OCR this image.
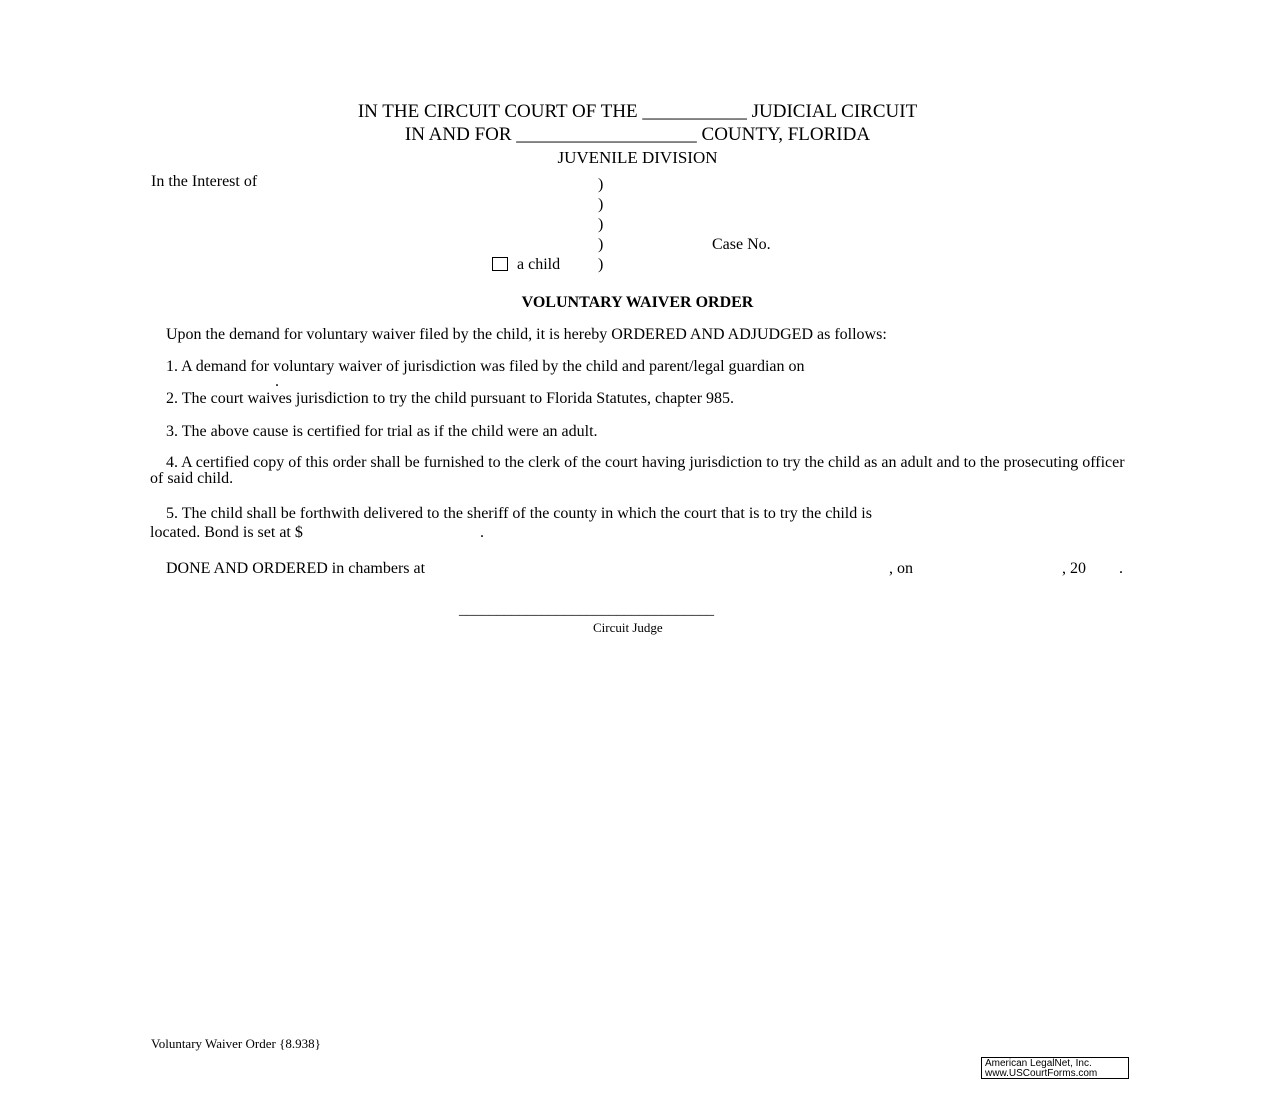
IN THE CIRCUIT COURT OF THE ___________ JUDICIAL CIRCUIT
IN AND FOR ___________________ COUNTY, FLORIDA
JUVENILE DIVISION
In the Interest of	)
)
)
)
)
Case No.
a child
VOLUNTARY WAIVER ORDER
Upon the demand for voluntary waiver filed by the child, it is hereby ORDERED AND ADJUDGED as follows:
1. A demand for voluntary waiver of jurisdiction was filed by the child and parent/legal guardian on
.
2. The court waives jurisdiction to try the child pursuant to Florida Statutes, chapter 985.
3. The above cause is certified for trial as if the child were an adult.
4. A certified copy of this order shall be furnished to the clerk of the court having jurisdiction to try the child as an adult and to the prosecuting officer of said child.
5. The child shall be forthwith delivered to the sheriff of the county in which the court that is to try the child is
located. Bond is set at $	.
DONE AND ORDERED in chambers at	, on	, 20 .
__________________________________
Circuit Judge
Voluntary Waiver Order {8.938}
American LegalNet, Inc.
www.USCourtForms.com
